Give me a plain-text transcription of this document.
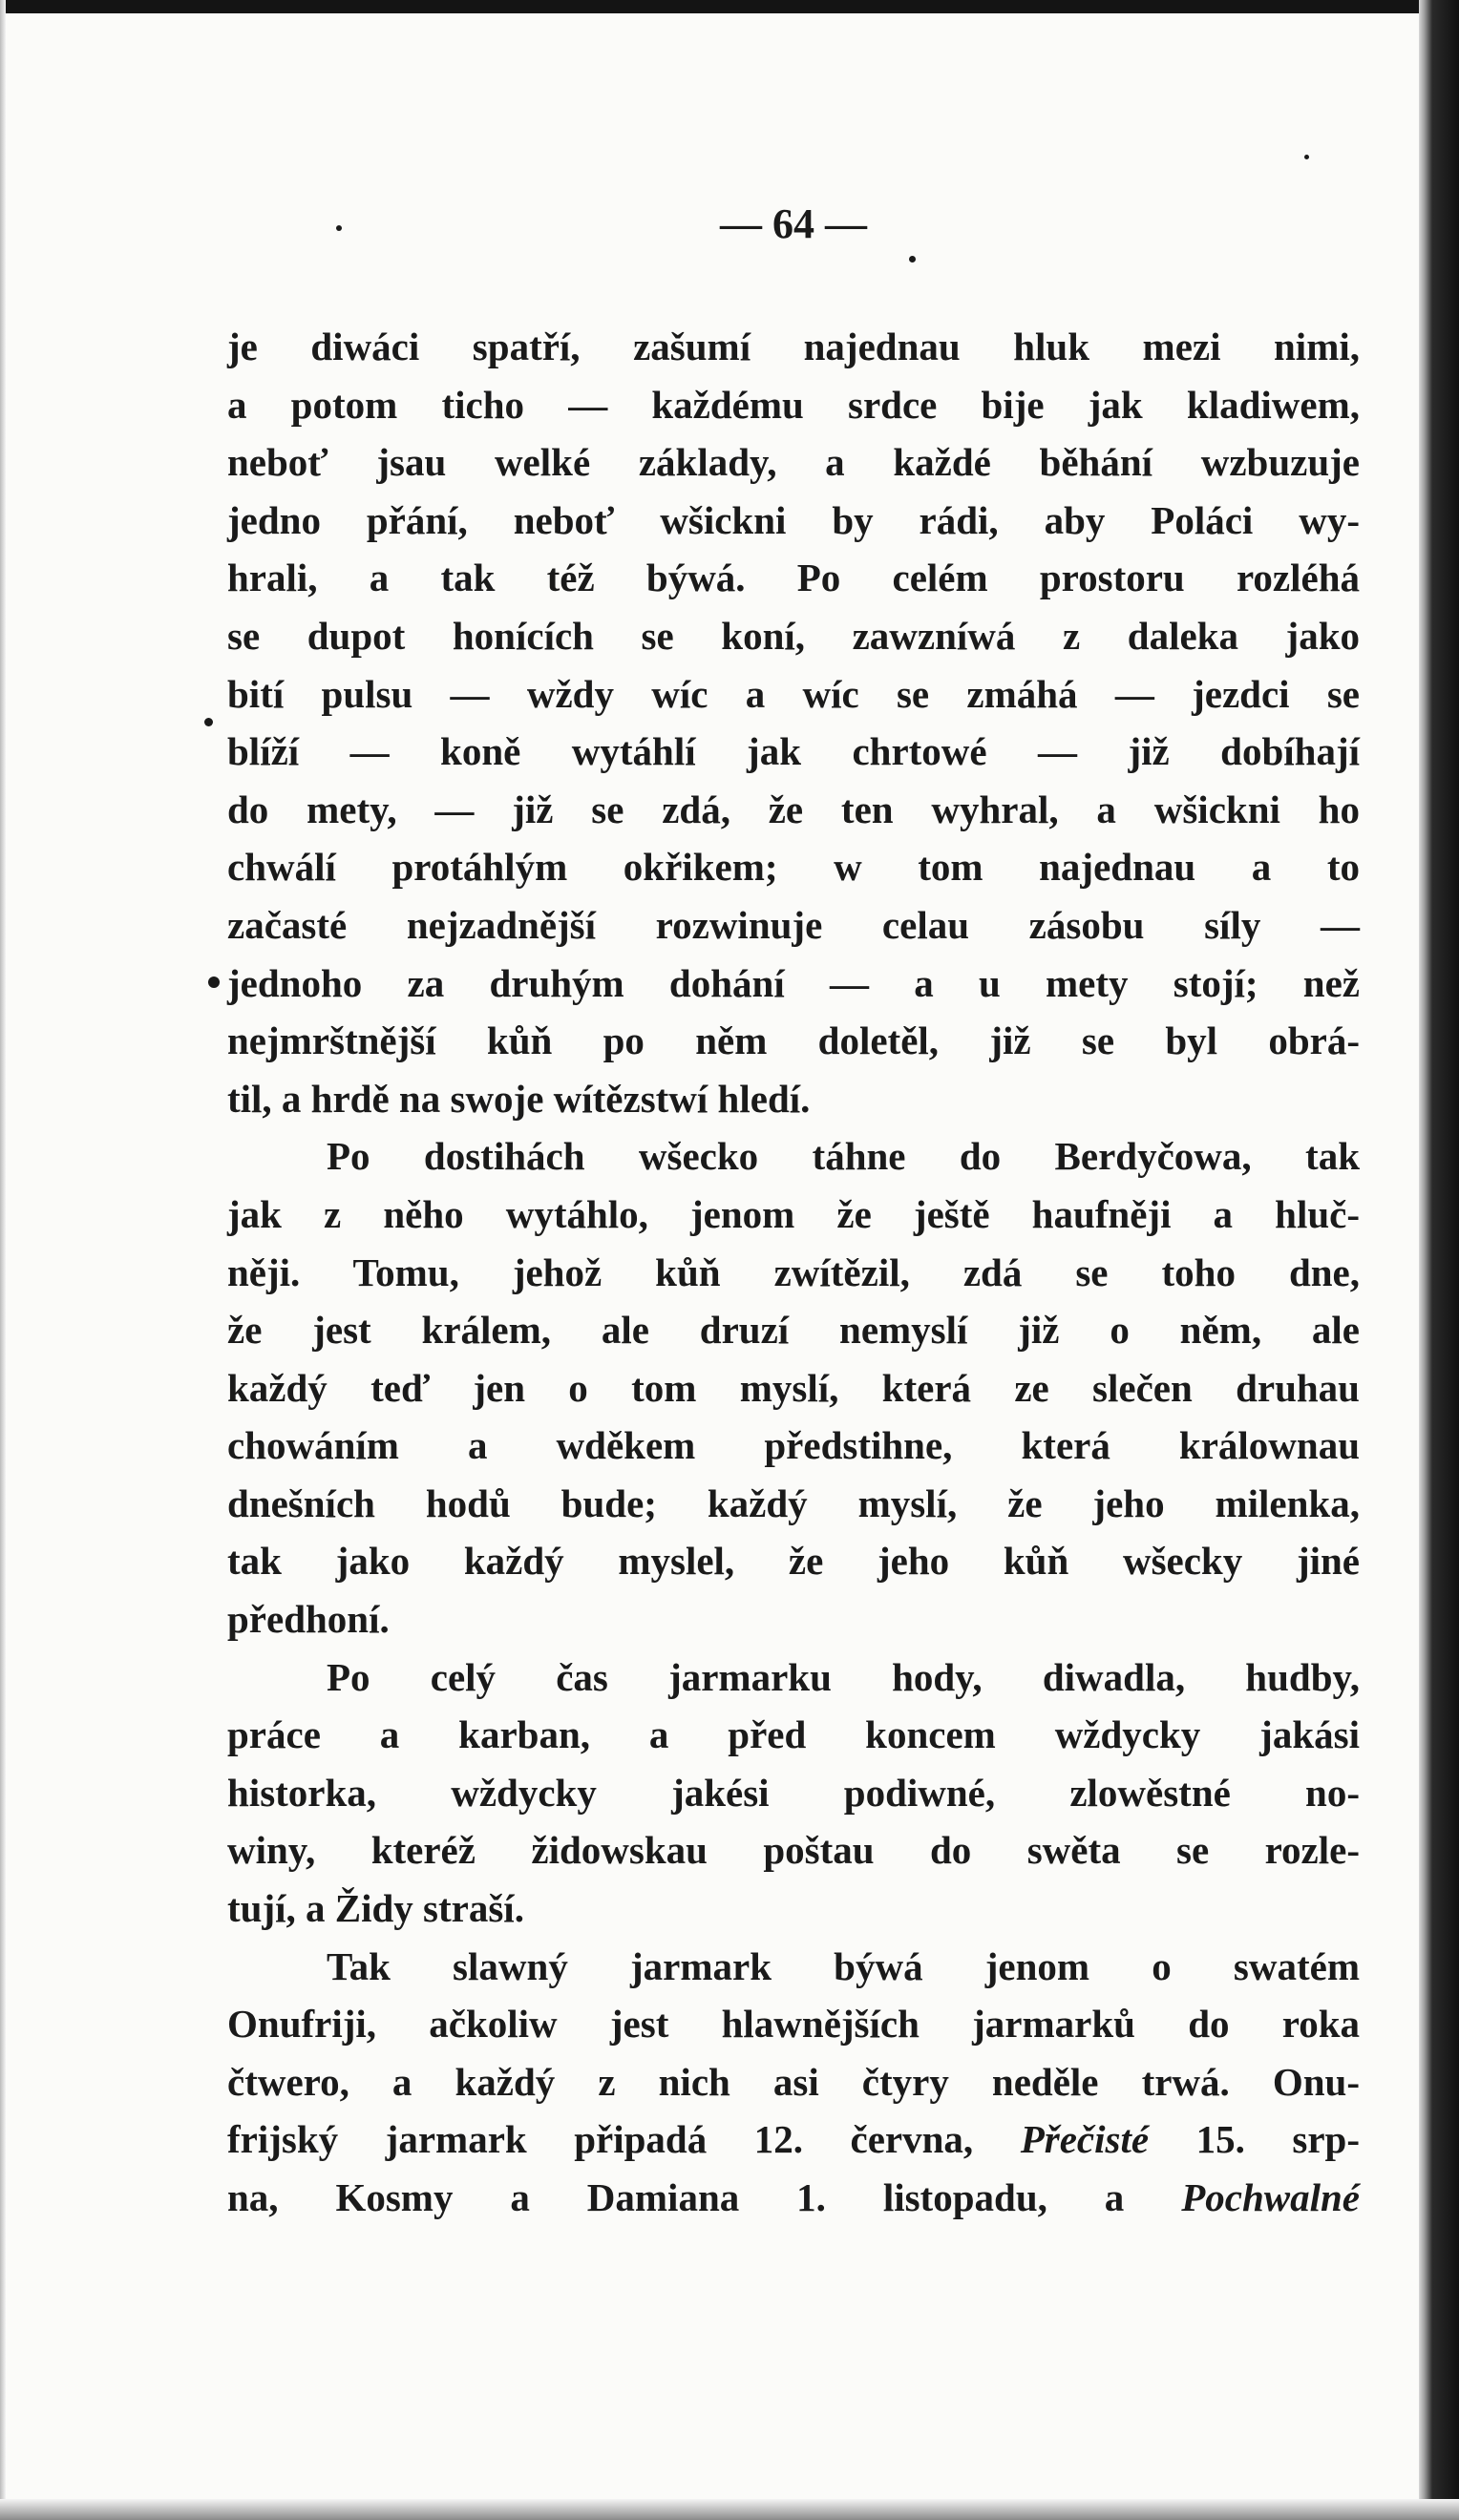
— 64 —
je diwáci spatří, zašumí najednau hluk mezi nimi,
a potom ticho — každému srdce bije jak kladiwem,
neboť jsau welké základy, a každé běhání wzbuzuje
jedno přání, neboť wšickni by rádi, aby Poláci wy-
hrali, a tak též býwá. Po celém prostoru rozléhá
se dupot honících se koní, zawzníwá z daleka jako
bití pulsu — wždy wíc a wíc se zmáhá — jezdci se
blíží — koně wytáhlí jak chrtowé — již dobíhají
do mety, — již se zdá, že ten wyhral, a wšickni ho
chwálí protáhlým okřikem; w tom najednau a to
začasté nejzadnější rozwinuje celau zásobu síly —
jednoho za druhým dohání — a u mety stojí; než
nejmrštnější kůň po něm doletěl, již se byl obrá-
til, a hrdě na swoje wítězstwí hledí.
Po dostihách wšecko táhne do Berdyčowa, tak
jak z něho wytáhlo, jenom že ještě haufněji a hluč-
něji. Tomu, jehož kůň zwítězil, zdá se toho dne,
že jest králem, ale druzí nemyslí již o něm, ale
každý teď jen o tom myslí, která ze slečen druhau
chowáním a wděkem předstihne, která králownau
dnešních hodů bude; každý myslí, že jeho milenka,
tak jako každý myslel, že jeho kůň wšecky jiné
předhoní.
Po celý čas jarmarku hody, diwadla, hudby,
práce a karban, a před koncem wždycky jakási
historka, wždycky jakési podiwné, zlowěstné no-
winy, kteréž židowskau poštau do swěta se rozle-
tují, a Židy straší.
Tak slawný jarmark býwá jenom o swatém
Onufriji, ačkoliw jest hlawnějších jarmarků do roka
čtwero, a každý z nich asi čtyry neděle trwá. Onu-
frijský jarmark připadá 12. června, Přečisté 15. srp-
na, Kosmy a Damiana 1. listopadu, a Pochwalné
